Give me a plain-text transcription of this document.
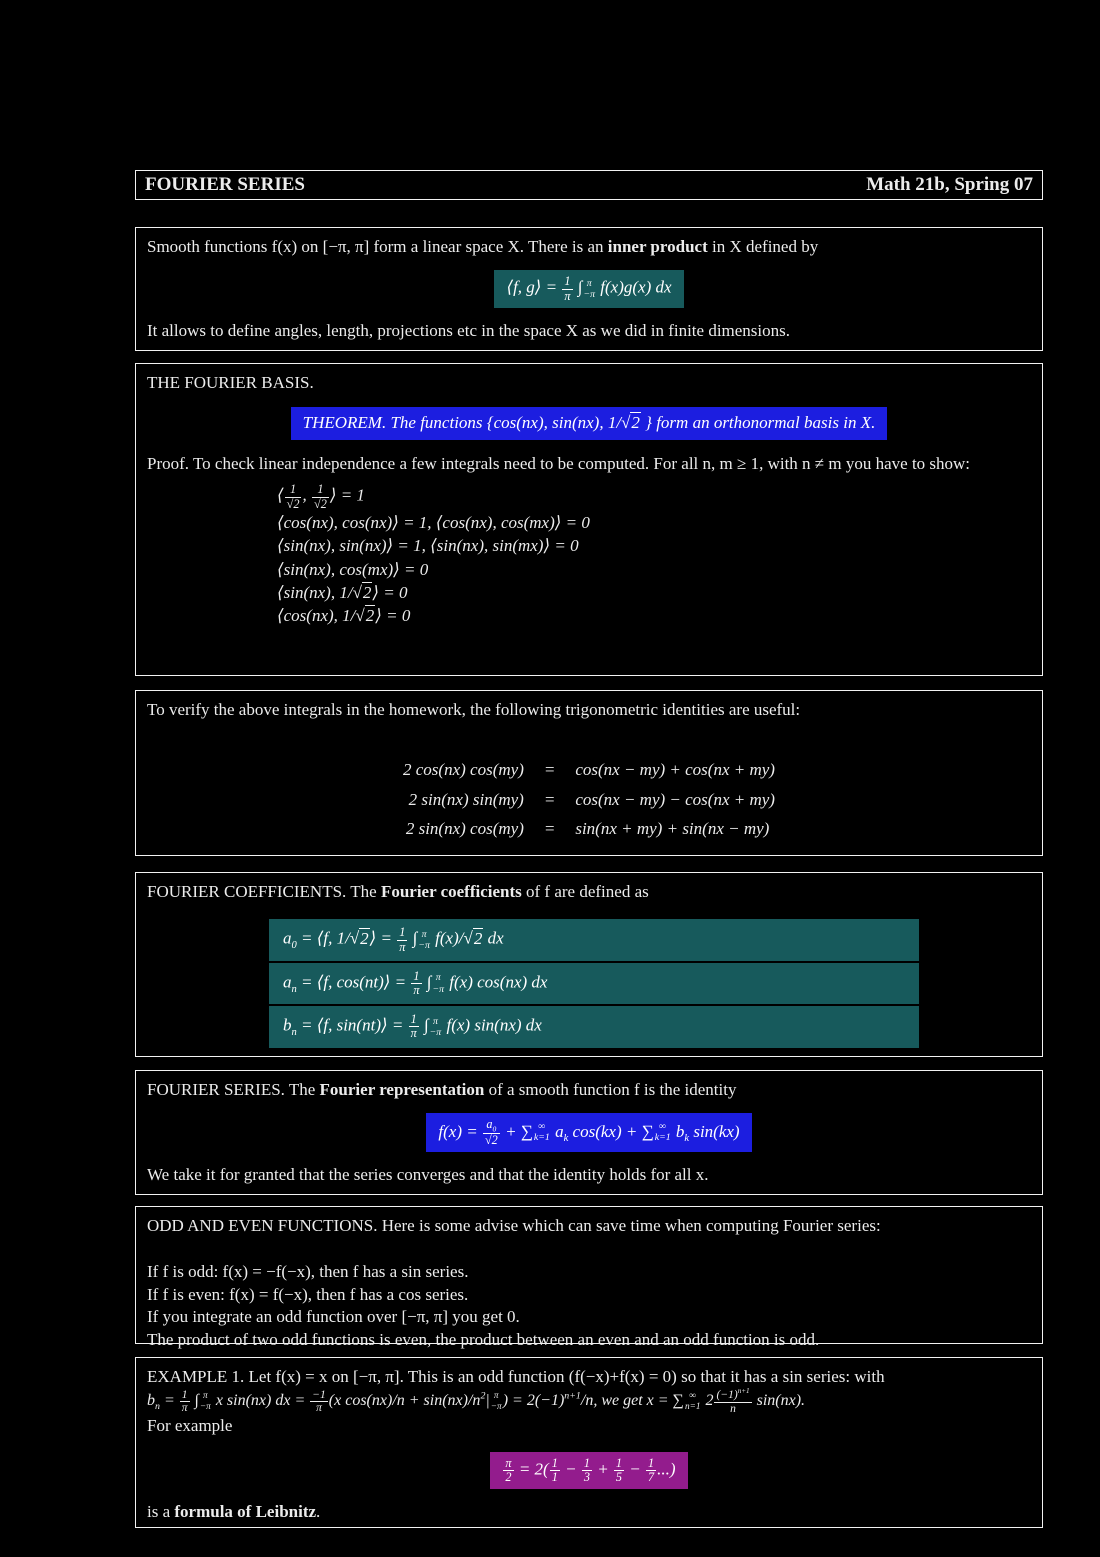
FOURIER SERIES	Math 21b, Spring 07
Smooth functions f(x) on [−π, π] form a linear space X. There is an inner product in X defined by
⟨f, g⟩ = $\frac{1}{\pi}$ ∫ π
−π f(x)g(x) dx
It allows to define angles, length, projections etc in the space X as we did in finite dimensions.
THE FOURIER BASIS.
THEOREM. The functions {cos(nx), sin(nx), 1/√2 } form an orthonormal basis in X.
Proof. To check linear independence a few integrals need to be computed. For all n, m ≥ 1, with n ≠ m you have to show:
⟨ $\frac{1}{√2}$ , $\frac{1}{√2}$ ⟩ = 1
⟨cos(nx), cos(nx)⟩ = 1, ⟨cos(nx), cos(mx)⟩ = 0
⟨sin(nx), sin(nx)⟩ = 1, ⟨sin(nx), sin(mx)⟩ = 0
⟨sin(nx), cos(mx)⟩ = 0
⟨sin(nx), 1/√2⟩ = 0
⟨cos(nx), 1/√2⟩ = 0
To verify the above integrals in the homework, the following trigonometric identities are useful:
2 cos(nx) cos(my) = cos(nx − my) + cos(nx + my)
2 sin(nx) sin(my) = cos(nx − my) − cos(nx + my)
2 sin(nx) cos(my) = sin(nx + my) + sin(nx − my)
FOURIER COEFFICIENTS. The Fourier coefficients of f are defined as
$a_0$ = ⟨f, 1/√2⟩ = $\frac{1}{\pi}$ ∫ π
−π f(x)/√2 dx
$a_n$ = ⟨f, cos(nt)⟩ = $\frac{1}{\pi}$ ∫ π
−π f(x) cos(nx) dx
$b_n$ = ⟨f, sin(nt)⟩ = $\frac{1}{\pi}$ ∫ π
−π f(x) sin(nx) dx
FOURIER SERIES. The Fourier representation of a smooth function f is the identity
$f(x) = \frac{a_0}{√2}$ + ∑ ∞
k=1 $a_k$ cos(kx) + ∑ ∞
k=1 $b_k$ sin(kx)
We take it for granted that the series converges and that the identity holds for all x.
ODD AND EVEN FUNCTIONS. Here is some advise which can save time when computing Fourier series:
If f is odd: f(x) = −f(−x), then f has a sin series.
If f is even: f(x) = f(−x), then f has a cos series.
If you integrate an odd function over [−π, π] you get 0.
The product of two odd functions is even, the product between an even and an odd function is odd.
EXAMPLE 1. Let f(x) = x on [−π, π]. This is an odd function (f(−x)+f(x) = 0) so that it has a sin series: with
$b_n = \frac{1}{\pi}$ ∫ π
−π x sin(nx) dx = $\frac{-1}{\pi} (x$ $\cos(nx)/n + \sin(nx)/n^2|$ π
−π ) = $2(-1)^{n+1}/n$, we get x = ∑ ∞
n=1 $2 \frac{(-1)^{n+1}}{n} \sin(nx)$.
For example
$\frac{\pi}{2} = 2( \frac{1}{1} - \frac{1}{3} + \frac{1}{5} - \frac{1}{7}$ ...)
is a formula of Leibnitz.
